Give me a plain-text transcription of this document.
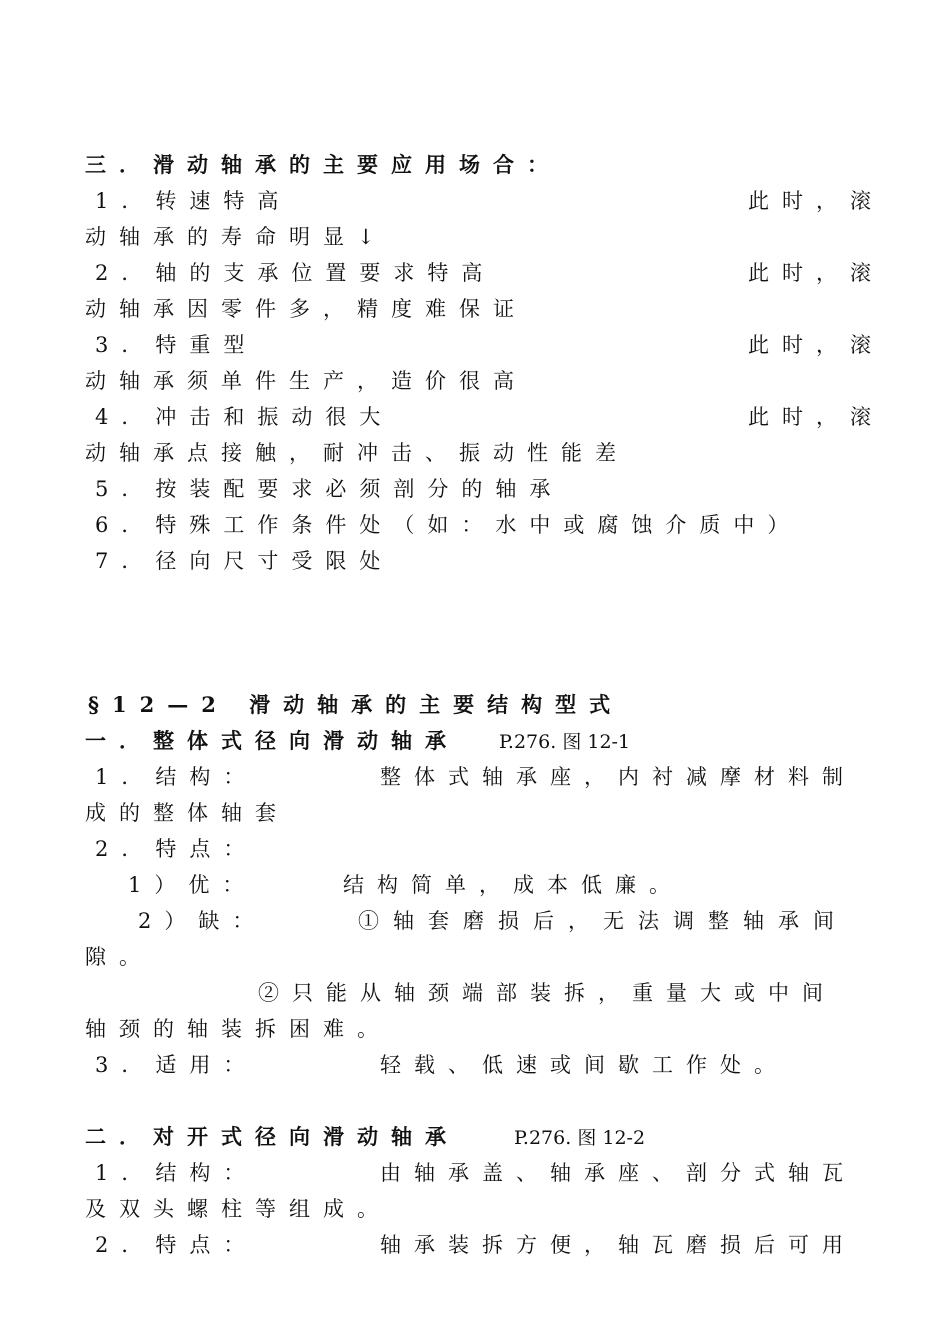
三．滑动轴承的主要应用场合：
1．转速特高	此时，滚
动轴承的寿命明显↓
2．轴的支承位置要求特高	此时，滚
动轴承因零件多，精度难保证
3．特重型	此时，滚
动轴承须单件生产，造价很高
4．冲击和振动很大	此时，滚
动轴承点接触，耐冲击、振动性能差
5．按装配要求必须剖分的轴承
6．特殊工作条件处（如：水中或腐蚀介质中）
7．径向尺寸受限处
§12—2 滑动轴承的主要结构型式
一．整体式径向滑动轴承 P.276. 图 12-1
1．结构：	整体式轴承座，内衬减摩材料制
成的整体轴套
2．特点：
1）优：	结构简单，成本低廉。
2）缺：	①轴套磨损后，无法调整轴承间
隙。
②只能从轴颈端部装拆，重量大或中间
轴颈的轴装拆困难。
3．适用：	轻载、低速或间歇工作处。
二．对开式径向滑动轴承	P.276. 图 12-2
1．结构：	由轴承盖、轴承座、剖分式轴瓦
及双头螺柱等组成。
2．特点：	轴承装拆方便，轴瓦磨损后可用
